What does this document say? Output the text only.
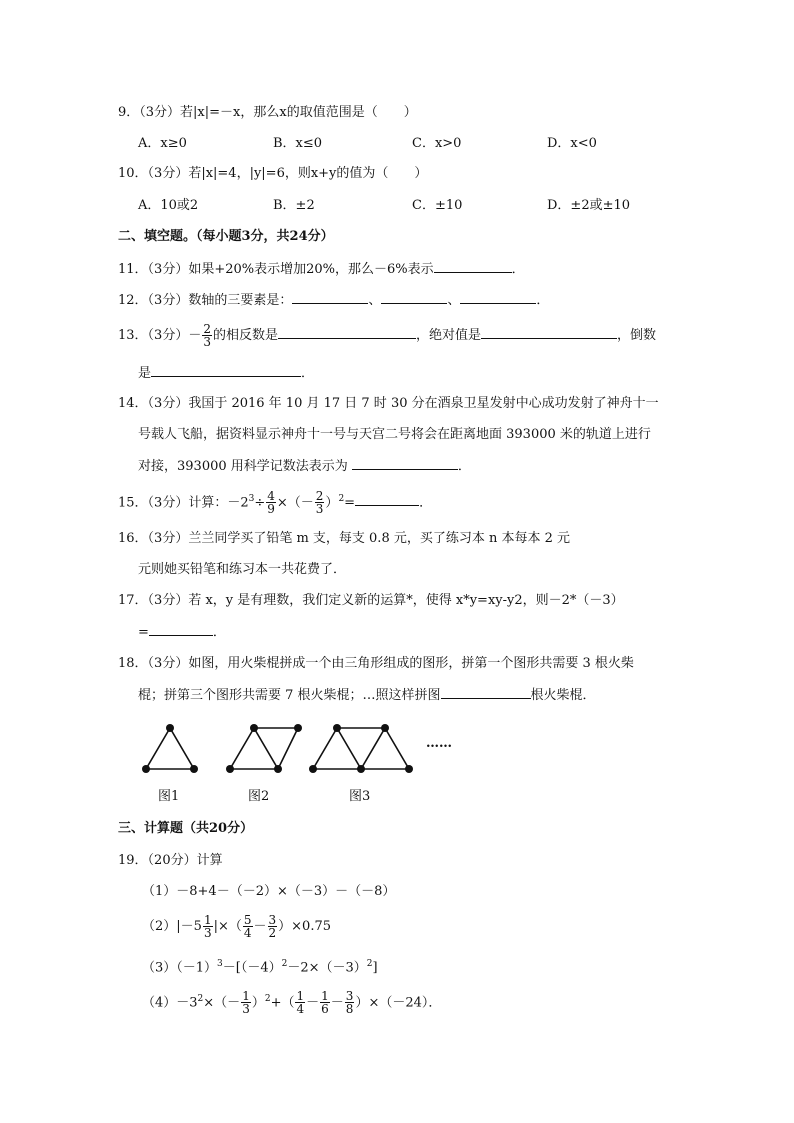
9．（3分）若|x|=－x，那么x的取值范围是（　　）
A．x≥0	B．x≤0	C．x>0	D．x<0
10．（3分）若|x|=4，|y|=6，则x+y的值为（　　）
A．10或2	B．±2	C．±10	D．±2或±10
二、填空题。（每小题3分，共24分）
11．（3分）如果+20%表示增加20%，那么－6%表示	．
12．（3分）数轴的三要素是：	、	、	．
13．（3分）－ $\frac{2}{3}$ 的相反数是	，绝对值是	，倒数
是	．
14．（3分）我国于 2016 年 10 月 17 日 7 时 30 分在酒泉卫星发射中心成功发射了神舟十一
号载人飞船，据资料显示神舟十一号与天宫二号将会在距离地面 393000 米的轨道上进行
对接，393000 用科学记数法表示为	．
15．（3分）计算：$-2^3\div \frac{4}{9}$ ×（－ $\frac{2}{3} )^2=$	．
16．（3分）兰兰同学买了铅笔 m 支，每支 0.8 元，买了练习本 n 本每本 2 元
元则她买铅笔和练习本一共花费了．
17．（3分）若 x，y 是有理数，我们定义新的运算*，使得 x*y=xy-y2，则－2*（－3）
=	．
18．（3分）如图，用火柴棍拼成一个由三角形组成的图形，拼第一个图形共需要 3 根火柴
棍；拼第三个图形共需要 7 根火柴棍；…照这样拼图	根火柴棍．
……
图1	图2	图3
三、计算题（共20分）
19．（20分）计算
（1）－8+4－（－2）×（－3）－（－8）
$(2)|-5 \frac{1}{3}$ |×（ $\frac{5}{4} - \frac{3}{2} )\times 0.75$
$(3)(-1)^3-[(-4)^2-2\times(-3)^2]$
$(4)-3^2\times(- \frac{1}{3} )^2+( \frac{1}{4} - \frac{1}{6} - \frac{3}{8} )\times(-24)$．
